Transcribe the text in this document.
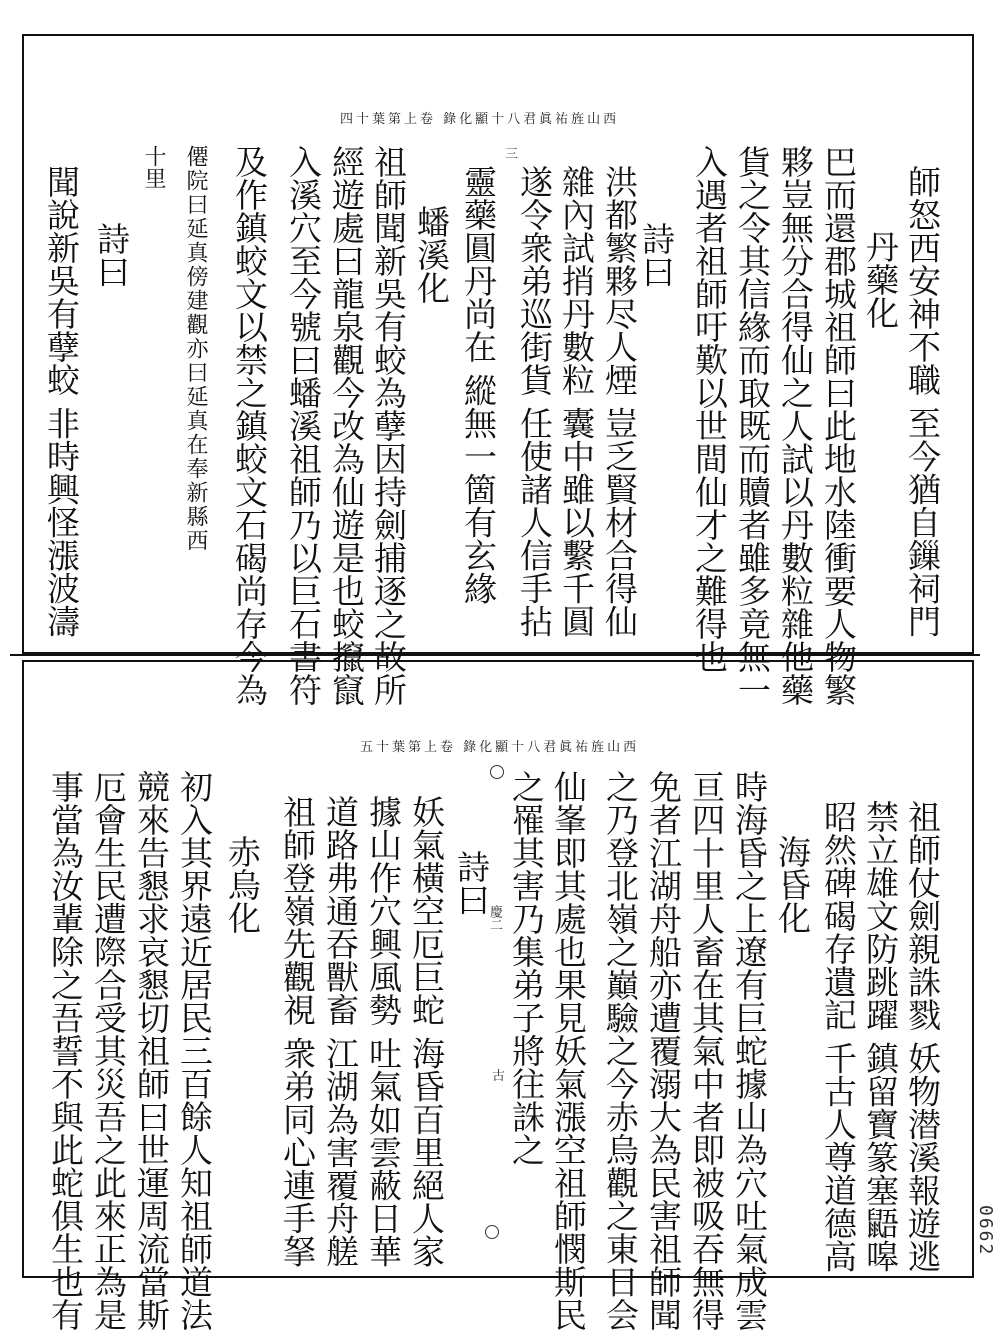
四十葉第上卷 錄化顯十八君眞祐旌山西
三
師怒西安神不職 至今猶自鏁祠門
丹藥化
巴而還郡城祖師曰此地水陸衝要人物繁
夥豈無分合得仙之人試以丹數粒雜他藥
貨之令其信緣而取既而贖者雖多竟無一
入遇者祖師吁歎以世間仙才之難得也
詩曰
洪都繁夥尽人煙 豈乏賢材合得仙
雜內試捎丹數粒 囊中雖以繫千圓
遂令衆弟巡街貨 任使諸人信手拈
靈藥圓丹尚在 縱無一箇有玄緣
蟠溪化
祖師聞新吳有蛟為孽因持劍捕逐之故所
經遊處曰龍泉觀今改為仙遊是也蛟攛竄
入溪穴至今號曰蟠溪祖師乃以巨石書符
及作鎮蛟文以禁之鎮蛟文石碣尚存今為
僊院曰延真傍建觀亦曰延真在奉新縣西
十里
詩曰
聞說新吳有孽蛟 非時興怪漲波濤
五十葉第上卷 錄化顯十八君眞祐旌山西
慶二
古	祖師仗劍親誅戮 妖物潜溪報遊逃
禁立雄文防跳躍 鎮留寶篆塞鼯嗥
昭然碑碣存遺記 千古人尊道德高
海昏化
時海昏之上遼有巨蛇據山為穴吐氣成雲
亘四十里人畜在其氣中者即被吸吞無得
免者江湖舟船亦遭覆溺大為民害祖師聞
之乃登北嶺之巔驗之今赤烏觀之東日会
仙峯即其處也果見妖氣漲空祖師憫斯民
之罹其害乃集弟子將往誅之
詩曰
妖氣橫空厄巨蛇 海昏百里絕人家
據山作穴興風勢 吐氣如雲蔽日華
道路弗通吞獸畜 江湖為害覆舟艖
祖師登嶺先觀視 衆弟同心連手拏
赤烏化
初入其界遠近居民三百餘人知祖師道法
競來告懇求哀懇切祖師曰世運周流當斯
厄會生民遭際合受其災吾之此來正為是
事當為汝輩除之吾誓不與此蛇俱生也有	0662
